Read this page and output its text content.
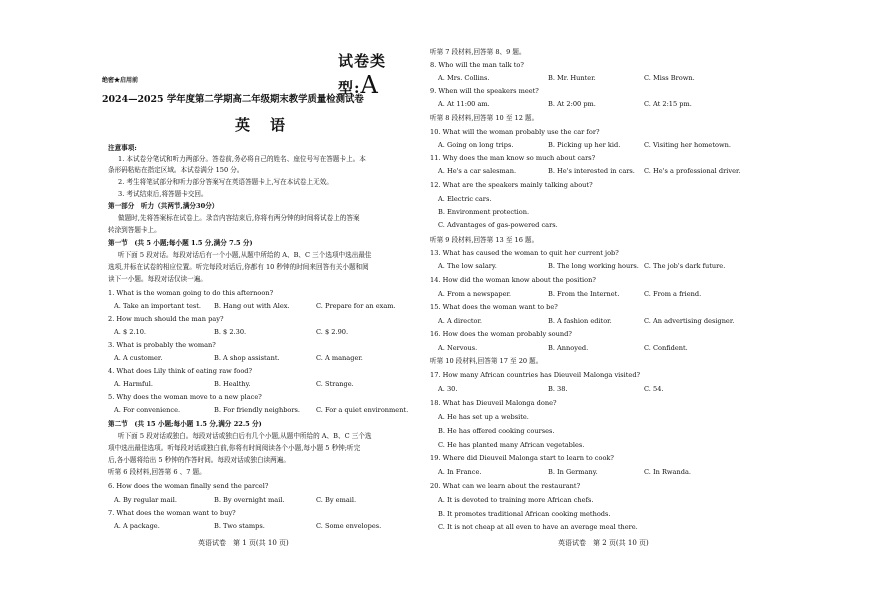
试卷类型:A
绝密★启用前
2024—2025 学年度第二学期高二年级期末教学质量检测试卷
英语
注意事项:
1. 本试卷分笔试和听力两部分。答卷前,务必将自己的姓名、座位号写在答题卡上。本
条形码粘贴在指定区域。本试卷满分 150 分。
2. 考生将笔试部分和听力部分答案写在英语答题卡上,写在本试卷上无效。
3. 考试结束后,将答题卡交回。
第一部分　听力（共两节,满分30分）
做题时,先将答案标在试卷上。录音内容结束后,你将有两分钟的时间将试卷上的答案
转涂到答题卡上。
第一节　(共 5 小题;每小题 1.5 分,满分 7.5 分)
听下面 5 段对话。每段对话后有一个小题,从题中所给的 A、B、C 三个选项中选出最佳
选项,并标在试卷的相应位置。听完每段对话后,你都有 10 秒钟的时间来回答有关小题和阅
读下一小题。每段对话仅读一遍。
1. What is the woman going to do this afternoon?
A. Take an important test. B. Hang out with Alex.	C. Prepare for an exam.
2. How much should the man pay?
A. $ 2.10.	B. $ 2.30.	C. $ 2.90.
3. What is probably the woman?
A. A customer.	B. A shop assistant.	C. A manager.
4. What does Lily think of eating raw food?
A. Harmful.	B. Healthy.	C. Strange.
5. Why does the woman move to a new place?
A. For convenience.	B. For friendly neighbors. C. For a quiet environment.
第二节　(共 15 小题;每小题 1.5 分,满分 22.5 分)
听下面 5 段对话或独白。每段对话或独白后有几个小题,从题中所给的 A、B、C 三个选
项中选出最佳选项。听每段对话或独白前,你将有时间阅读各个小题,每小题 5 秒钟;听完
后,各小题将给出 5 秒钟的作答时间。每段对话或独白读两遍。
听第 6 段材料,回答第 6 、7 题。
6. How does the woman finally send the parcel?
A. By regular mail.	B. By overnight mail.	C. By email.
7. What does the woman want to buy?
A. A package.	B. Two stamps.	C. Some envelopes.
英语试卷　第 1 页(共 10 页)
听第 7 段材料,回答第 8、9 题。
8. Who will the man talk to?
A. Mrs. Collins.	B. Mr. Hunter.	C. Miss Brown.
9. When will the speakers meet?
A. At 11:00 am.	B. At 2:00 pm.	C. At 2:15 pm.
听第 8 段材料,回答第 10 至 12 题。
10. What will the woman probably use the car for?
A. Going on long trips.	B. Picking up her kid.	C. Visiting her hometown.
11. Why does the man know so much about cars?
A. He's a car salesman.	B. He's interested in cars. C. He's a professional driver.
12. What are the speakers mainly talking about?
A. Electric cars.
B. Environment protection.
C. Advantages of gas-powered cars.
听第 9 段材料,回答第 13 至 16 题。
13. What has caused the woman to quit her current job?
A. The low salary.	B. The long working hours. C. The job's dark future.
14. How did the woman know about the position?
A. From a newspaper.	B. From the Internet.	C. From a friend.
15. What does the woman want to be?
A. A director.	B. A fashion editor.	C. An advertising designer.
16. How does the woman probably sound?
A. Nervous.	B. Annoyed.	C. Confident.
听第 10 段材料,回答第 17 至 20 题。
17. How many African countries has Dieuveil Malonga visited?
A. 30.	B. 38.	C. 54.
18. What has Dieuveil Malonga done?
A. He has set up a website.
B. He has offered cooking courses.
C. He has planted many African vegetables.
19. Where did Dieuveil Malonga start to learn to cook?
A. In France.	B. In Germany.	C. In Rwanda.
20. What can we learn about the restaurant?
A. It is devoted to training more African chefs.
B. It promotes traditional African cooking methods.
C. It is not cheap at all even to have an average meal there.
英语试卷　第 2 页(共 10 页)
